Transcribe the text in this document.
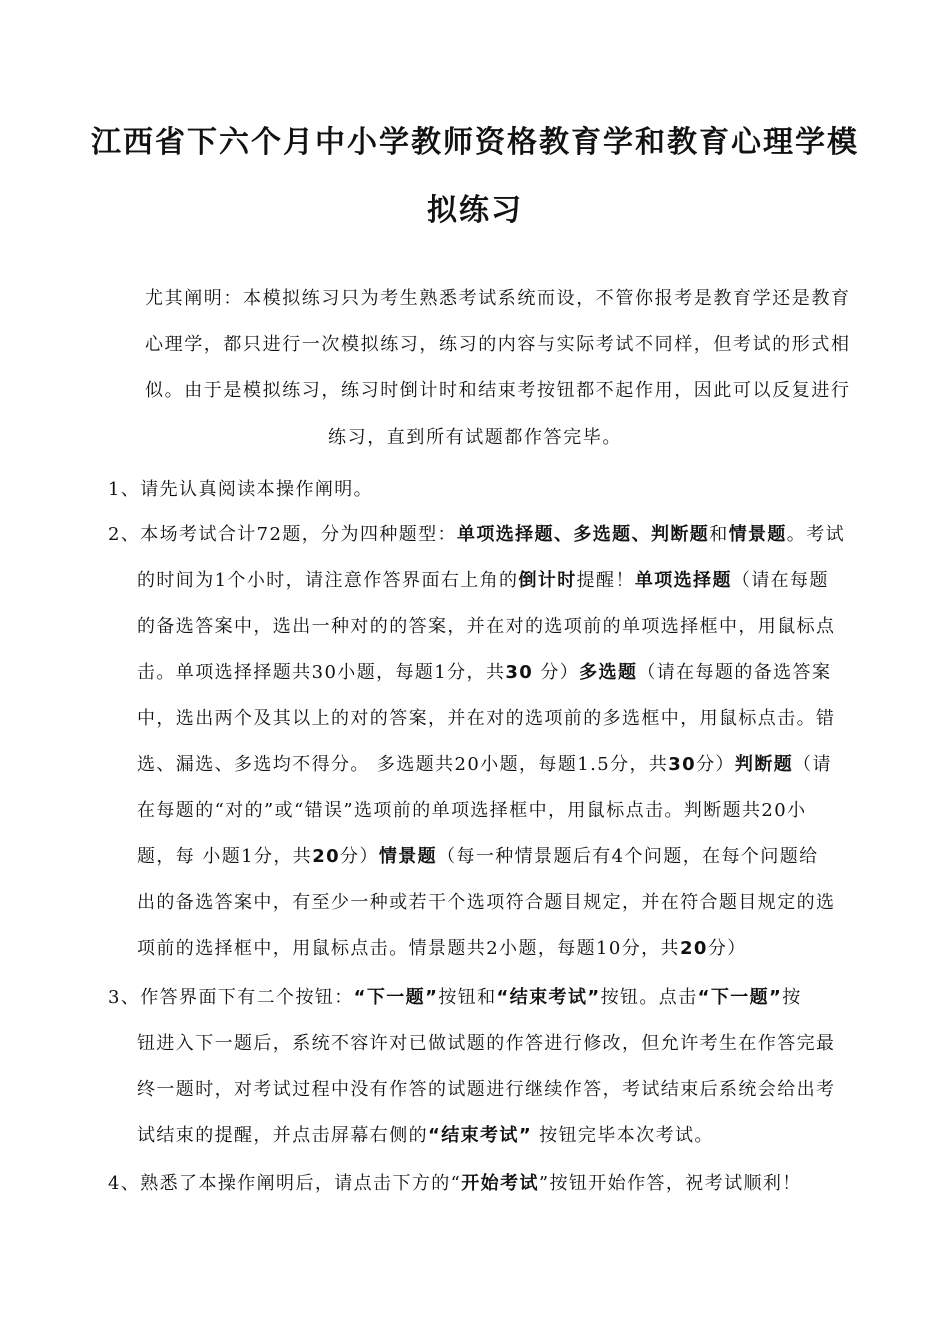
江西省下六个月中小学教师资格教育学和教育心理学模
拟练习
尤其阐明：本模拟练习只为考生熟悉考试系统而设，不管你报考是教育学还是教育
心理学，都只进行一次模拟练习，练习的内容与实际考试不同样，但考试的形式相
似。由于是模拟练习，练习时倒计时和结束考按钮都不起作用，因此可以反复进行
练习，直到所有试题都作答完毕。
1、请先认真阅读本操作阐明。
2、本场考试合计72题，分为四种题型：单项选择题、多选题、判断题和情景题。考试
的时间为1个小时，请注意作答界面右上角的倒计时提醒！单项选择题（请在每题
的备选答案中，选出一种对的的答案，并在对的选项前的单项选择框中，用鼠标点
击。单项选择择题共30小题，每题1分，共30 分）多选题（请在每题的备选答案
中，选出两个及其以上的对的答案，并在对的选项前的多选框中，用鼠标点击。错
选、漏选、多选均不得分。 多选题共20小题，每题1.5分，共30分）判断题（请
在每题的“对的”或“错误”选项前的单项选择框中，用鼠标点击。判断题共20小
题，每 小题1分，共20分）情景题（每一种情景题后有4个问题，在每个问题给
出的备选答案中，有至少一种或若干个选项符合题目规定，并在符合题目规定的选
项前的选择框中，用鼠标点击。情景题共2小题，每题10分，共20分）
3、作答界面下有二个按钮：“下一题”按钮和“结束考试”按钮。点击“下一题”按
钮进入下一题后，系统不容许对已做试题的作答进行修改，但允许考生在作答完最
终一题时，对考试过程中没有作答的试题进行继续作答，考试结束后系统会给出考
试结束的提醒，并点击屏幕右侧的“结束考试” 按钮完毕本次考试。
4、熟悉了本操作阐明后，请点击下方的“开始考试”按钮开始作答，祝考试顺利！
